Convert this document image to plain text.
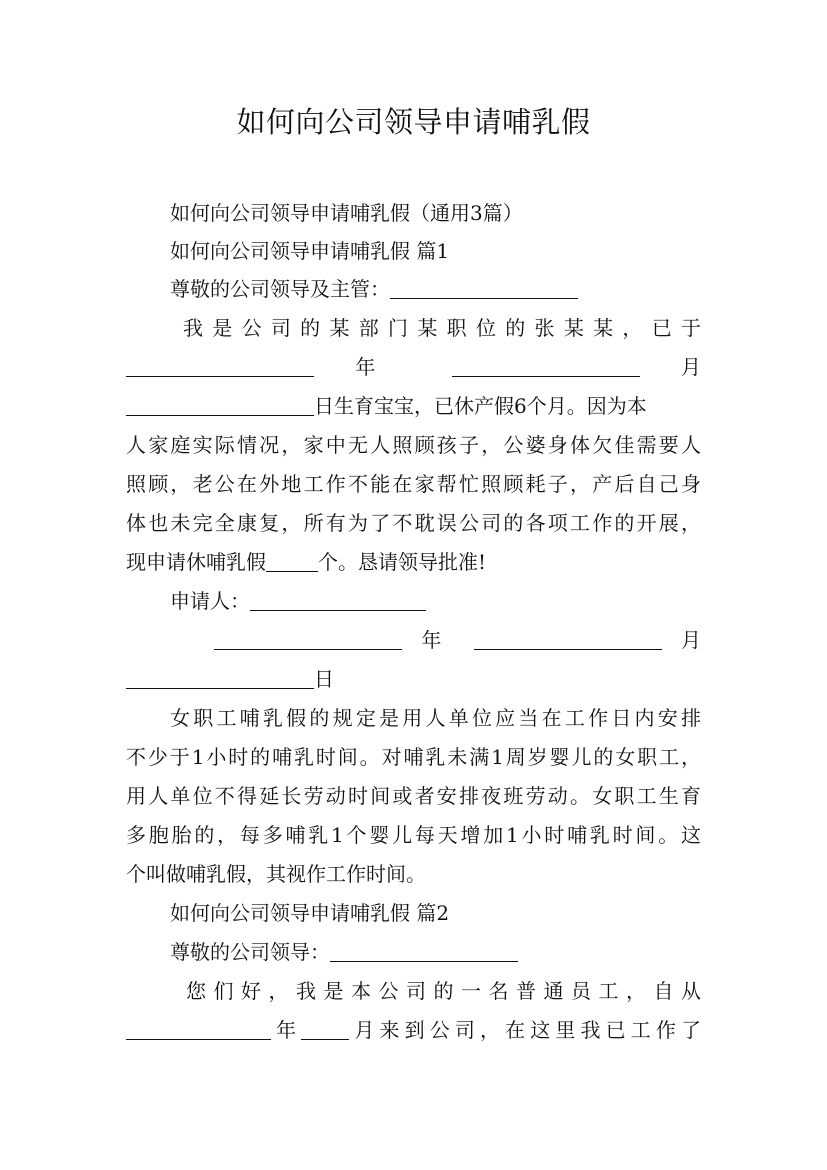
如何向公司领导申请哺乳假
如何向公司领导申请哺乳假（通用3篇）
如何向公司领导申请哺乳假 篇1
尊敬的公司领导及主管：
我是公司的某部门某职位的张某某，已于
年	月
日生育宝宝，已休产假6个月。因为本
人家庭实际情况，家中无人照顾孩子，公婆身体欠佳需要人
照顾，老公在外地工作不能在家帮忙照顾耗子，产后自己身
体也未完全康复，所有为了不耽误公司的各项工作的开展，
现申请休哺乳假	个。恳请领导批准!
申请人：
年	月
日
女职工哺乳假的规定是用人单位应当在工作日内安排
不少于1小时的哺乳时间。对哺乳未满1周岁婴儿的女职工，
用人单位不得延长劳动时间或者安排夜班劳动。女职工生育
多胞胎的，每多哺乳1个婴儿每天增加1小时哺乳时间。这
个叫做哺乳假，其视作工作时间。
如何向公司领导申请哺乳假 篇2
尊敬的公司领导：
您们好，我是本公司的一名普通员工，自从
年 月来到公司，在这里我已工作了
